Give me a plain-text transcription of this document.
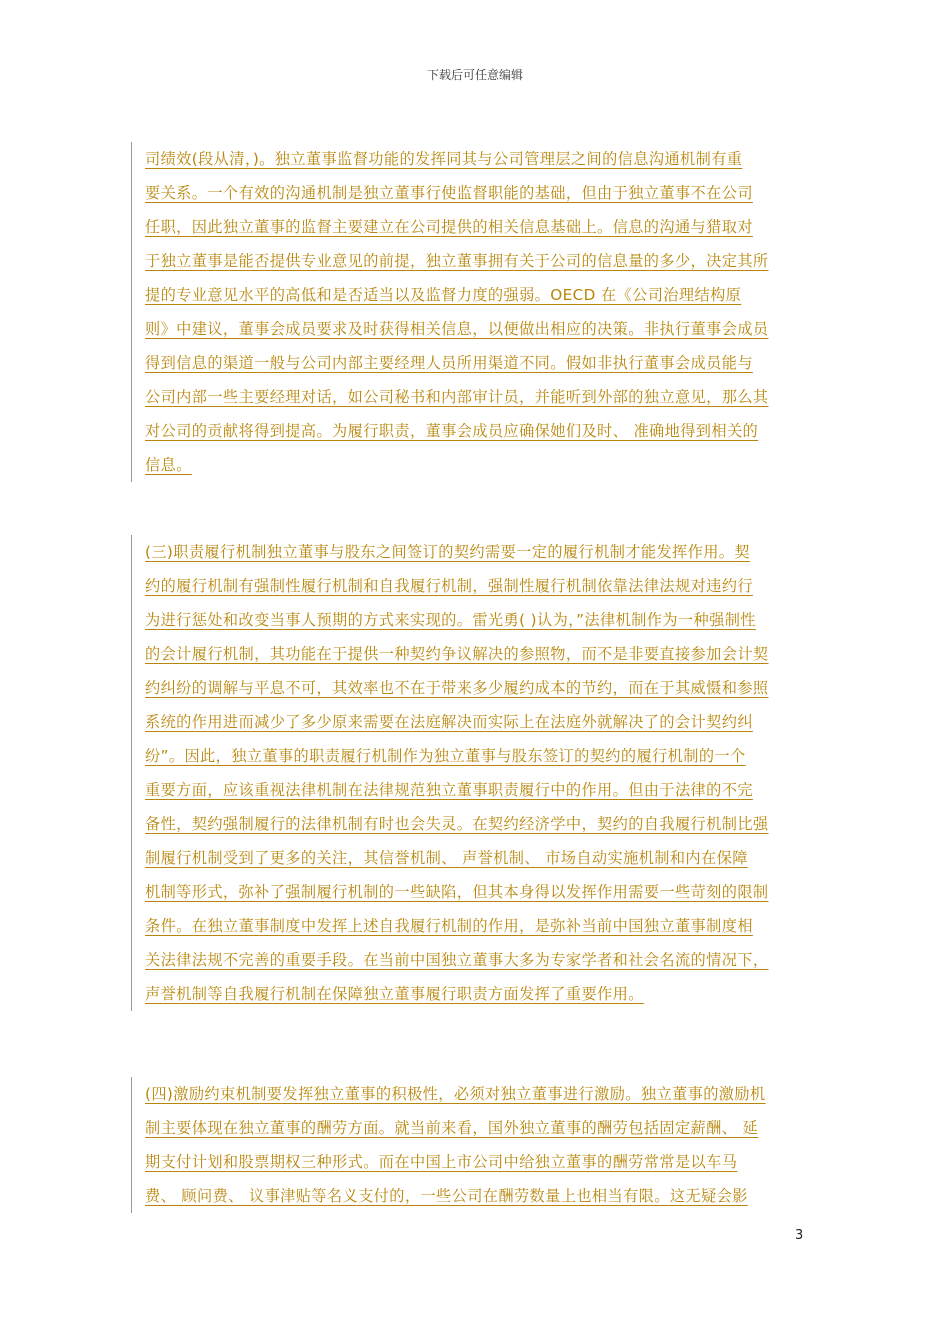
下载后可任意编辑
司绩效(段从清，)。独立董事监督功能的发挥同其与公司管理层之间的信息沟通机制有重
要关系。一个有效的沟通机制是独立董事行使监督职能的基础，但由于独立董事不在公司
任职，因此独立董事的监督主要建立在公司提供的相关信息基础上。信息的沟通与猎取对
于独立董事是能否提供专业意见的前提，独立董事拥有关于公司的信息量的多少，决定其所
提的专业意见水平的高低和是否适当以及监督力度的强弱。OECD 在《公司治理结构原
则》中建议，董事会成员要求及时获得相关信息，以便做出相应的决策。非执行董事会成员
得到信息的渠道一般与公司内部主要经理人员所用渠道不同。假如非执行董事会成员能与
公司内部一些主要经理对话，如公司秘书和内部审计员，并能听到外部的独立意见，那么其
对公司的贡献将得到提高。为履行职责，董事会成员应确保她们及时、 准确地得到相关的
信息。
(三)职责履行机制独立董事与股东之间签订的契约需要一定的履行机制才能发挥作用。契
约的履行机制有强制性履行机制和自我履行机制，强制性履行机制依靠法律法规对违约行
为进行惩处和改变当事人预期的方式来实现的。雷光勇( )认为，”法律机制作为一种强制性
的会计履行机制，其功能在于提供一种契约争议解决的参照物，而不是非要直接参加会计契
约纠纷的调解与平息不可，其效率也不在于带来多少履约成本的节约，而在于其威慑和参照
系统的作用进而减少了多少原来需要在法庭解决而实际上在法庭外就解决了的会计契约纠
纷”。因此，独立董事的职责履行机制作为独立董事与股东签订的契约的履行机制的一个
重要方面，应该重视法律机制在法律规范独立董事职责履行中的作用。但由于法律的不完
备性，契约强制履行的法律机制有时也会失灵。在契约经济学中，契约的自我履行机制比强
制履行机制受到了更多的关注，其信誉机制、 声誉机制、 市场自动实施机制和内在保障
机制等形式，弥补了强制履行机制的一些缺陷，但其本身得以发挥作用需要一些苛刻的限制
条件。在独立董事制度中发挥上述自我履行机制的作用，是弥补当前中国独立董事制度相
关法律法规不完善的重要手段。在当前中国独立董事大多为专家学者和社会名流的情况下，
声誉机制等自我履行机制在保障独立董事履行职责方面发挥了重要作用。
(四)激励约束机制要发挥独立董事的积极性，必须对独立董事进行激励。独立董事的激励机
制主要体现在独立董事的酬劳方面。就当前来看，国外独立董事的酬劳包括固定薪酬、 延
期支付计划和股票期权三种形式。而在中国上市公司中给独立董事的酬劳常常是以车马
费、 顾问费、 议事津贴等名义支付的，一些公司在酬劳数量上也相当有限。这无疑会影
3
